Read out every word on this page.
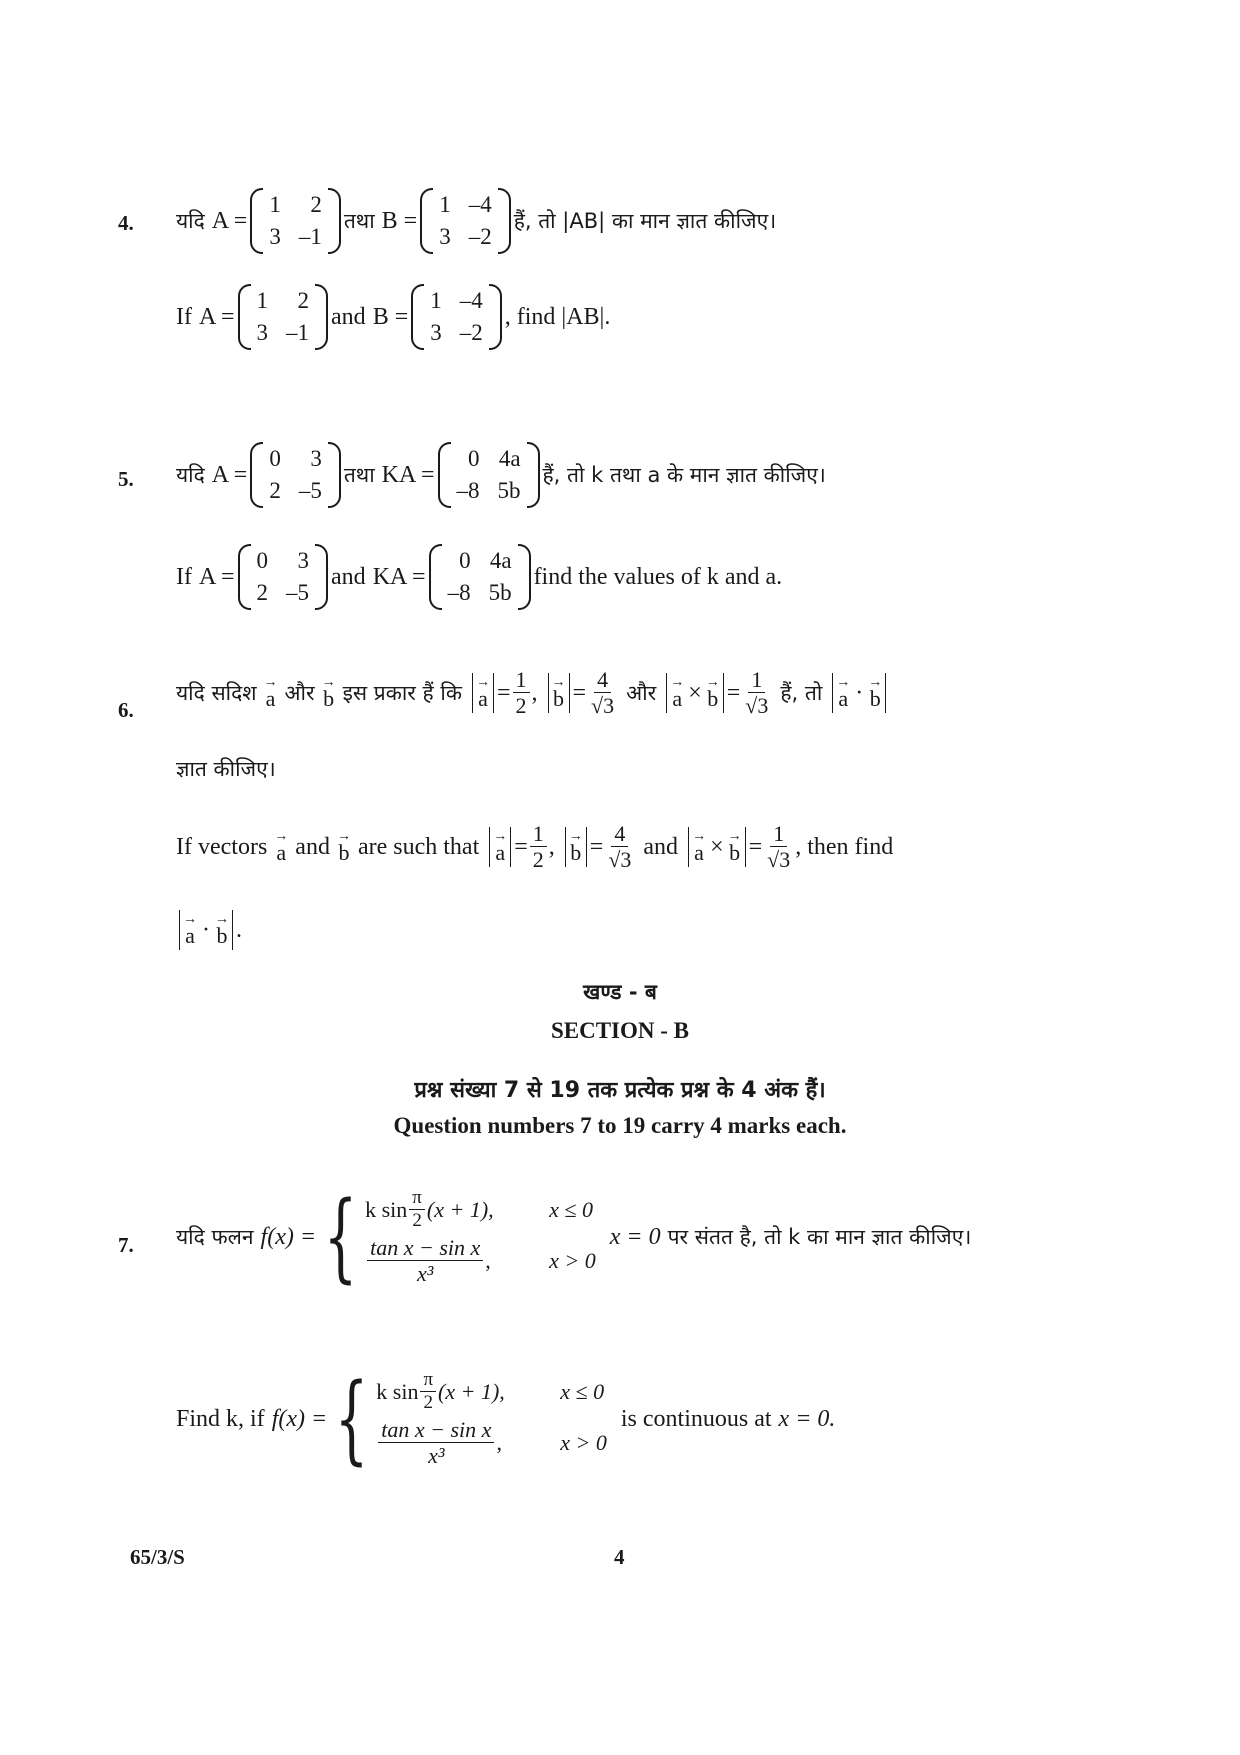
4. यदि A =
1	2
3 –1
तथा B =
1 –4
3 –2
हैं, तो |AB| का मान ज्ञात कीजिए।
If A =
1	2
3 –1
and B =
1 –4
3 –2
, find |AB|.
5. यदि A =
0	3
2 –5
तथा KA =
0 4a
–8 5b
हैं, तो k तथा a के मान ज्ञात कीजिए।
If A =
0	3
2 –5
and KA =
0 4a
–8 5b
find the values of k and a.
6.
यदि सदिश →
a और →
b इस प्रकार हैं कि →
$a = \frac{1}{2}$ , →
$b = \frac{4}{√3}$ और →
a × →
$b = \frac{1}{√3}$ हैं, तो →
a · →
b
ज्ञात कीजिए।
If vectors →
a and →
b are such that →
$a = \frac{1}{2}$ , →
$b = \frac{4}{√3}$ and →
a × →
$b = \frac{1}{√3}$ , then find
→
a · →
b .
खण्ड - ब
SECTION - B
प्रश्न संख्या 7 से 19 तक प्रत्येक प्रश्न के 4 अंक हैं।
Question numbers 7 to 19 carry 4 marks each.
7. यदि फलन f(x) = { k $\sin \frac{\pi}{2} (x + 1)$,	x ≤ 0
$\frac{\text{tan x − sin x}}{\text{x³}}$ ,	x > 0
x = 0 पर संतत है, तो k का मान ज्ञात कीजिए।
Find k, if f(x) = { k $\sin \frac{\pi}{2} (x + 1)$,	x ≤ 0
$\frac{\text{tan x − sin x}}{\text{x³}}$ ,	x > 0
is continuous at x = 0.
65/3/S	4
